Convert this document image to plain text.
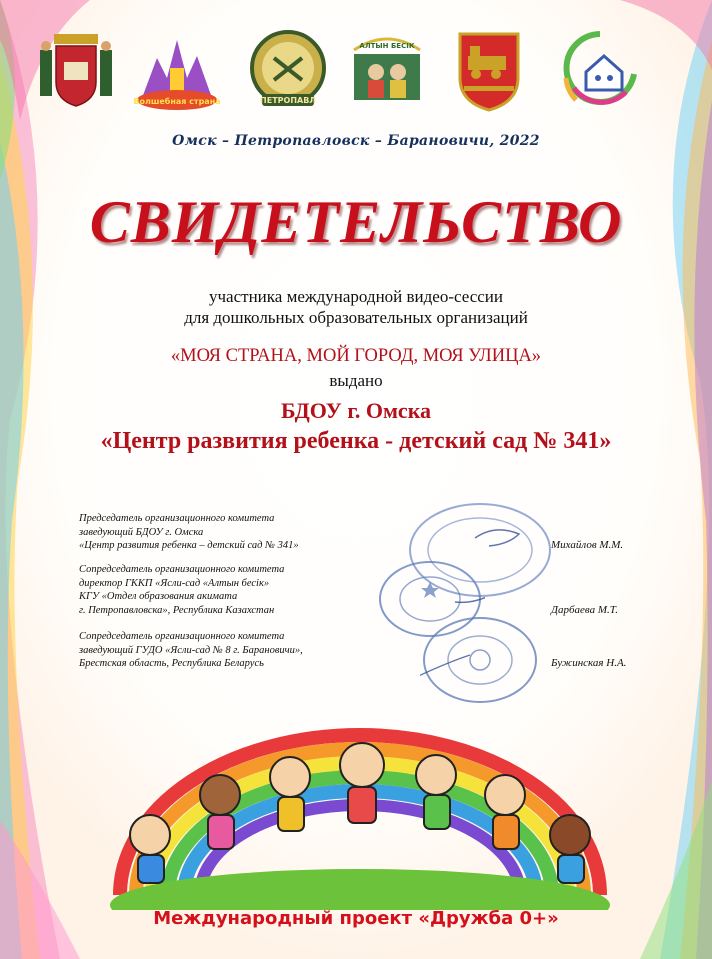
Волшебная страна	ПЕТРОПАВЛ
АЛТЫН БЕСІК
Омск – Петропавловск – Барановичи, 2022
СВИДЕТЕЛЬСТВО
участника международной видео-сессии
для дошкольных образовательных организаций
«МОЯ СТРАНА, МОЙ ГОРОД, МОЯ УЛИЦА»
выдано
БДОУ г. Омска
«Центр развития ребенка - детский сад № 341»
Председатель организационного комитета
заведующий БДОУ г. Омска
«Центр развития ребенка – детский сад № 341»	Михайлов М.М.
Сопредседатель организационного комитета
директор ГККП «Ясли-сад «Алтын бесік»
КГУ «Отдел образования акимата
г. Петропавловска», Республика Казахстан	Дарбаева М.Т.
Сопредседатель организационного комитета
заведующий ГУДО «Ясли-сад № 8 г. Барановичи»,
Брестская область, Республика Беларусь	Бужинская Н.А.
Международный проект «Дружба 0+»
